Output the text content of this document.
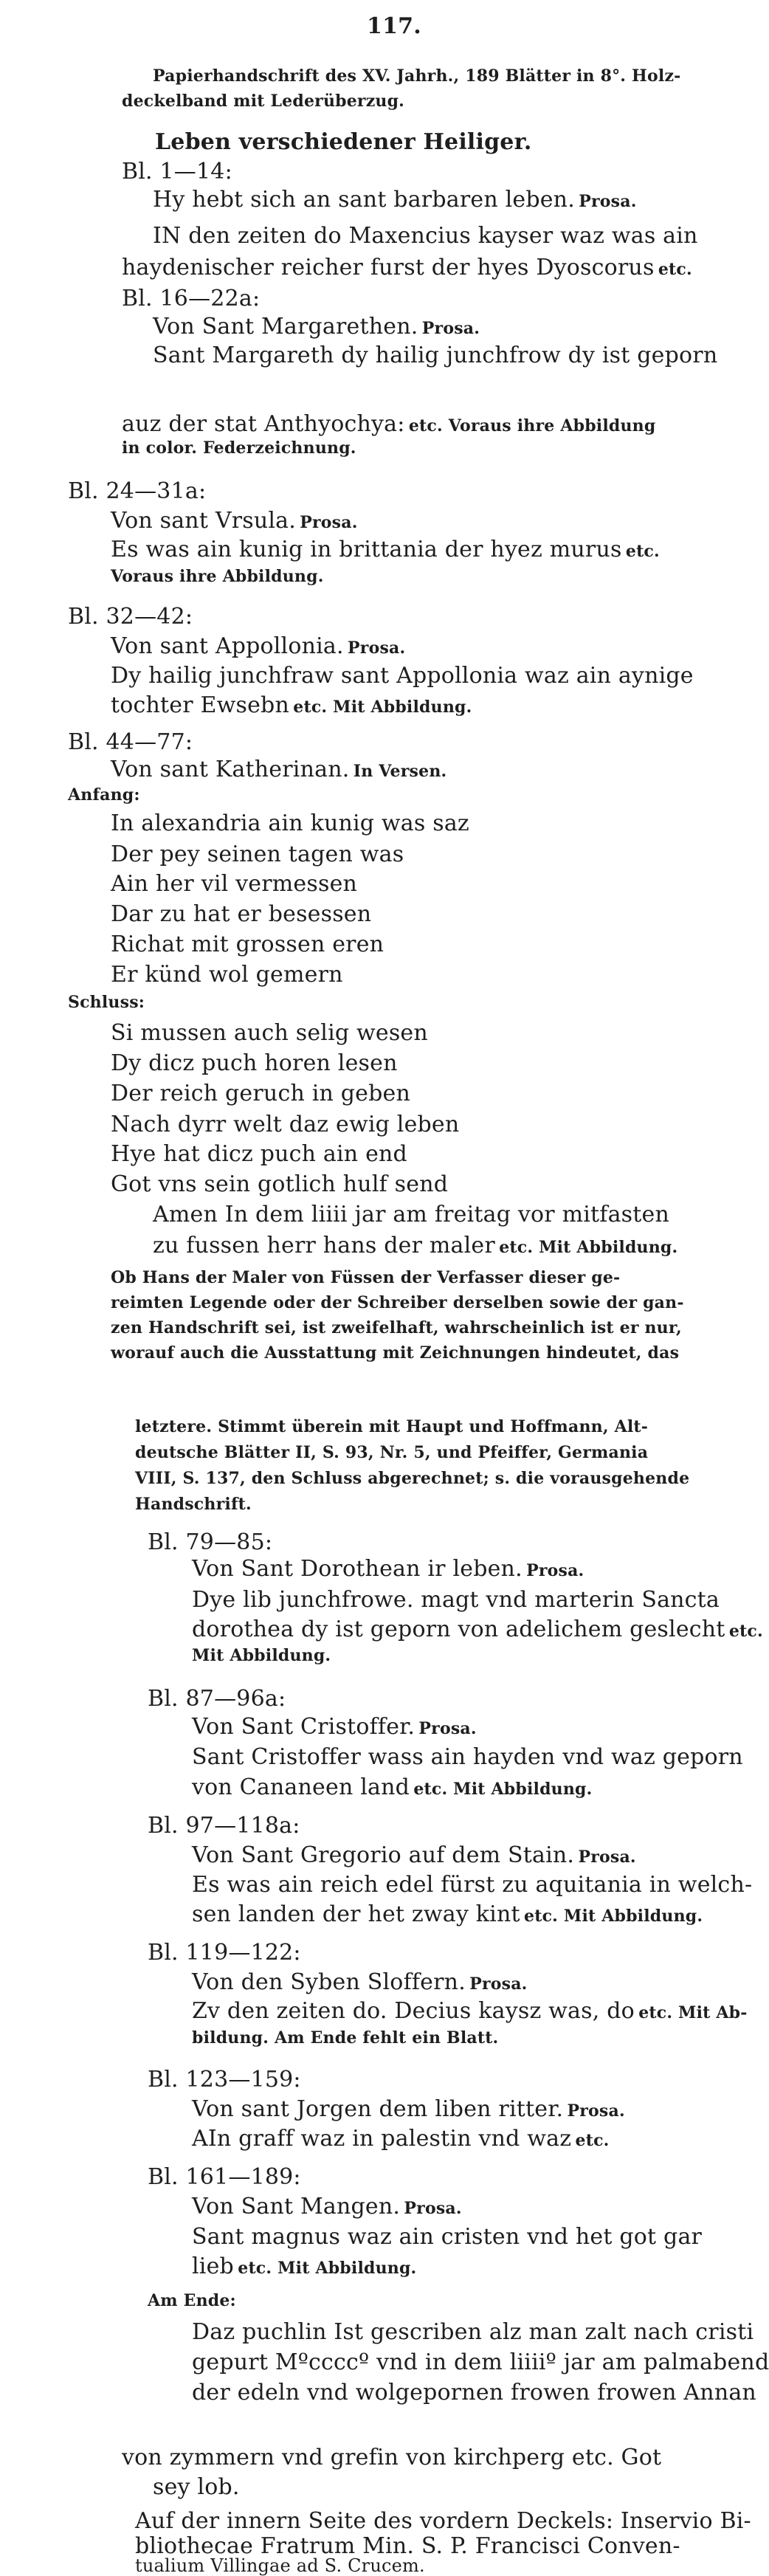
117.
Papierhandschrift des XV. Jahrh., 189 Blätter in 8°. Holz-
deckelband mit Lederüberzug.
Leben verschiedener Heiliger.
Bl. 1—14:
Hy hebt sich an sant barbaren leben. Prosa.
IN den zeiten do Maxencius kayser waz was ain
haydenischer reicher furst der hyes Dyoscorus etc.
Bl. 16—22a:
Von Sant Margarethen. Prosa.
Sant Margareth dy hailig junchfrow dy ist geporn
auz der stat Anthyochya: etc. Voraus ihre Abbildung
in color. Federzeichnung.
Bl. 24—31a:
Von sant Vrsula. Prosa.
Es was ain kunig in brittania der hyez murus etc.
Voraus ihre Abbildung.
Bl. 32—42:
Von sant Appollonia. Prosa.
Dy hailig junchfraw sant Appollonia waz ain aynige
tochter Ewsebn etc. Mit Abbildung.
Bl. 44—77:
Von sant Katherinan. In Versen.
Anfang:
In alexandria ain kunig was saz
Der pey seinen tagen was
Ain her vil vermessen
Dar zu hat er besessen
Richat mit grossen eren
Er künd wol gemern
Schluss:
Si mussen auch selig wesen
Dy dicz puch horen lesen
Der reich geruch in geben
Nach dyrr welt daz ewig leben
Hye hat dicz puch ain end
Got vns sein gotlich hulf send
Amen In dem liiii jar am freitag vor mitfasten
zu fussen herr hans der maler etc. Mit Abbildung.
Ob Hans der Maler von Füssen der Verfasser dieser ge-
reimten Legende oder der Schreiber derselben sowie der gan-
zen Handschrift sei, ist zweifelhaft, wahrscheinlich ist er nur,
worauf auch die Ausstattung mit Zeichnungen hindeutet, das
letztere. Stimmt überein mit Haupt und Hoffmann, Alt-
deutsche Blätter II, S. 93, Nr. 5, und Pfeiffer, Germania
VIII, S. 137, den Schluss abgerechnet; s. die vorausgehende
Handschrift.
Bl. 79—85:
Von Sant Dorothean ir leben. Prosa.
Dye lib junchfrowe. magt vnd marterin Sancta
dorothea dy ist geporn von adelichem geslecht etc.
Mit Abbildung.
Bl. 87—96a:
Von Sant Cristoffer. Prosa.
Sant Cristoffer wass ain hayden vnd waz geporn
von Cananeen land etc. Mit Abbildung.
Bl. 97—118a:
Von Sant Gregorio auf dem Stain. Prosa.
Es was ain reich edel fürst zu aquitania in welch-
sen landen der het zway kint etc. Mit Abbildung.
Bl. 119—122:
Von den Syben Sloffern. Prosa.
Zv den zeiten do. Decius kaysz was, do etc. Mit Ab-
bildung. Am Ende fehlt ein Blatt.
Bl. 123—159:
Von sant Jorgen dem liben ritter. Prosa.
AIn graff waz in palestin vnd waz etc.
Bl. 161—189:
Von Sant Mangen. Prosa.
Sant magnus waz ain cristen vnd het got gar
lieb etc. Mit Abbildung.
Am Ende:
Daz puchlin Ist gescriben alz man zalt nach cristi
gepurt Mºccccº vnd in dem liiiiº jar am palmabend
der edeln vnd wolgepornen frowen frowen Annan
von zymmern vnd grefin von kirchperg etc. Got
sey lob.
Auf der innern Seite des vordern Deckels: Inservio Bi-
bliothecae Fratrum Min. S. P. Francisci Conven-
tualium Villingae ad S. Crucem.
